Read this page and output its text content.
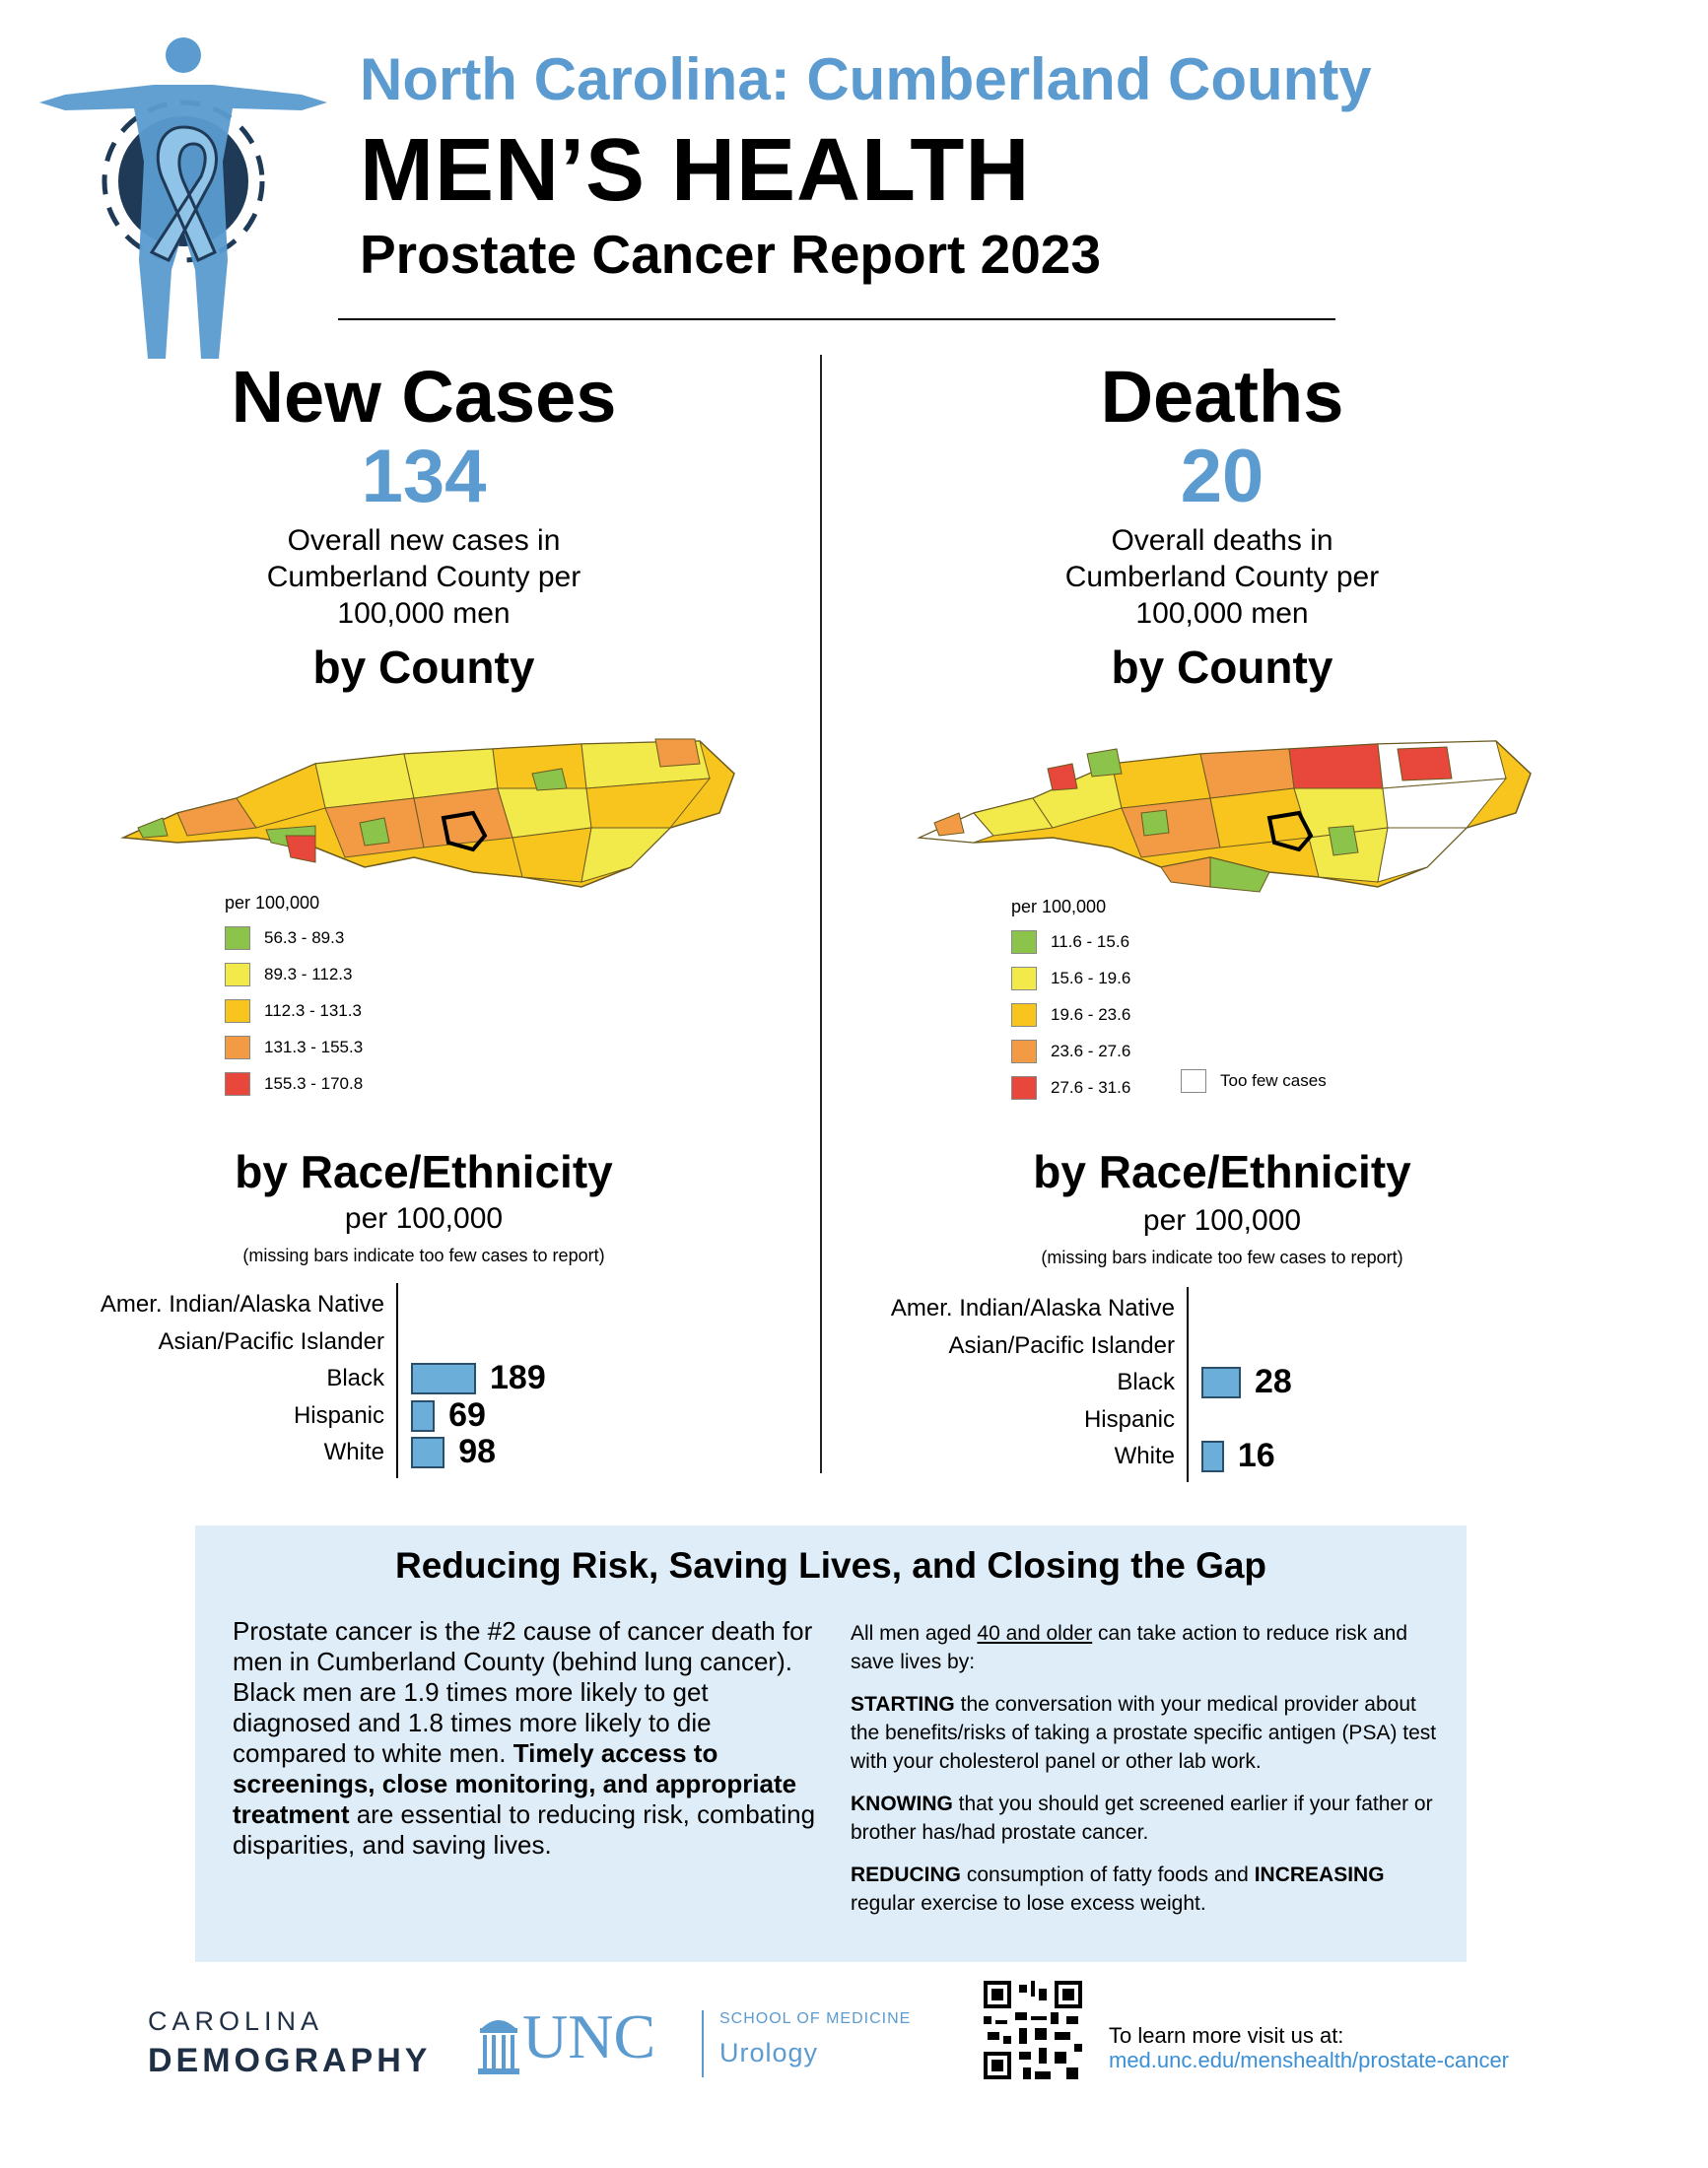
North Carolina: Cumberland County
MEN’S HEALTH
Prostate Cancer Report 2023
New Cases
134
Overall new cases in
Cumberland County per
100,000 men
by County
per 100,000
56.3 - 89.3
89.3 - 112.3
112.3 - 131.3
131.3 - 155.3
155.3 - 170.8
by Race/Ethnicity
per 100,000
(missing bars indicate too few cases to report)
Amer. Indian/Alaska Native
Asian/Pacific Islander
Black	189
Hispanic 69
White 98
Deaths
20
Overall deaths in
Cumberland County per
100,000 men
by County
per 100,000
11.6 - 15.6
15.6 - 19.6
19.6 - 23.6
23.6 - 27.6
27.6 - 31.6	Too few cases
by Race/Ethnicity
per 100,000
(missing bars indicate too few cases to report)
Amer. Indian/Alaska Native
Asian/Pacific Islander
Black 28
Hispanic
White 16
Reducing Risk, Saving Lives, and Closing the Gap
Prostate cancer is the #2 cause of cancer death for men in Cumberland County (behind lung cancer). Black men are 1.9 times more likely to get diagnosed and 1.8 times more likely to die compared to white men. Timely access to screenings, close monitoring, and appropriate treatment are essential to reducing risk, combating disparities, and saving lives.

All men aged 40 and older can take action to reduce risk and save lives by:

STARTING the conversation with your medical provider about the benefits/risks of taking a prostate specific antigen (PSA) test with your cholesterol panel or other lab work.

KNOWING that you should get screened earlier if your father or brother has/had prostate cancer.

REDUCING consumption of fatty foods and INCREASING regular exercise to lose excess weight.

CAROLINA
DEMOGRAPHY UNC	SCHOOL OF MEDICINE
Urology
To learn more visit us at:
med.unc.edu/menshealth/prostate-cancer
